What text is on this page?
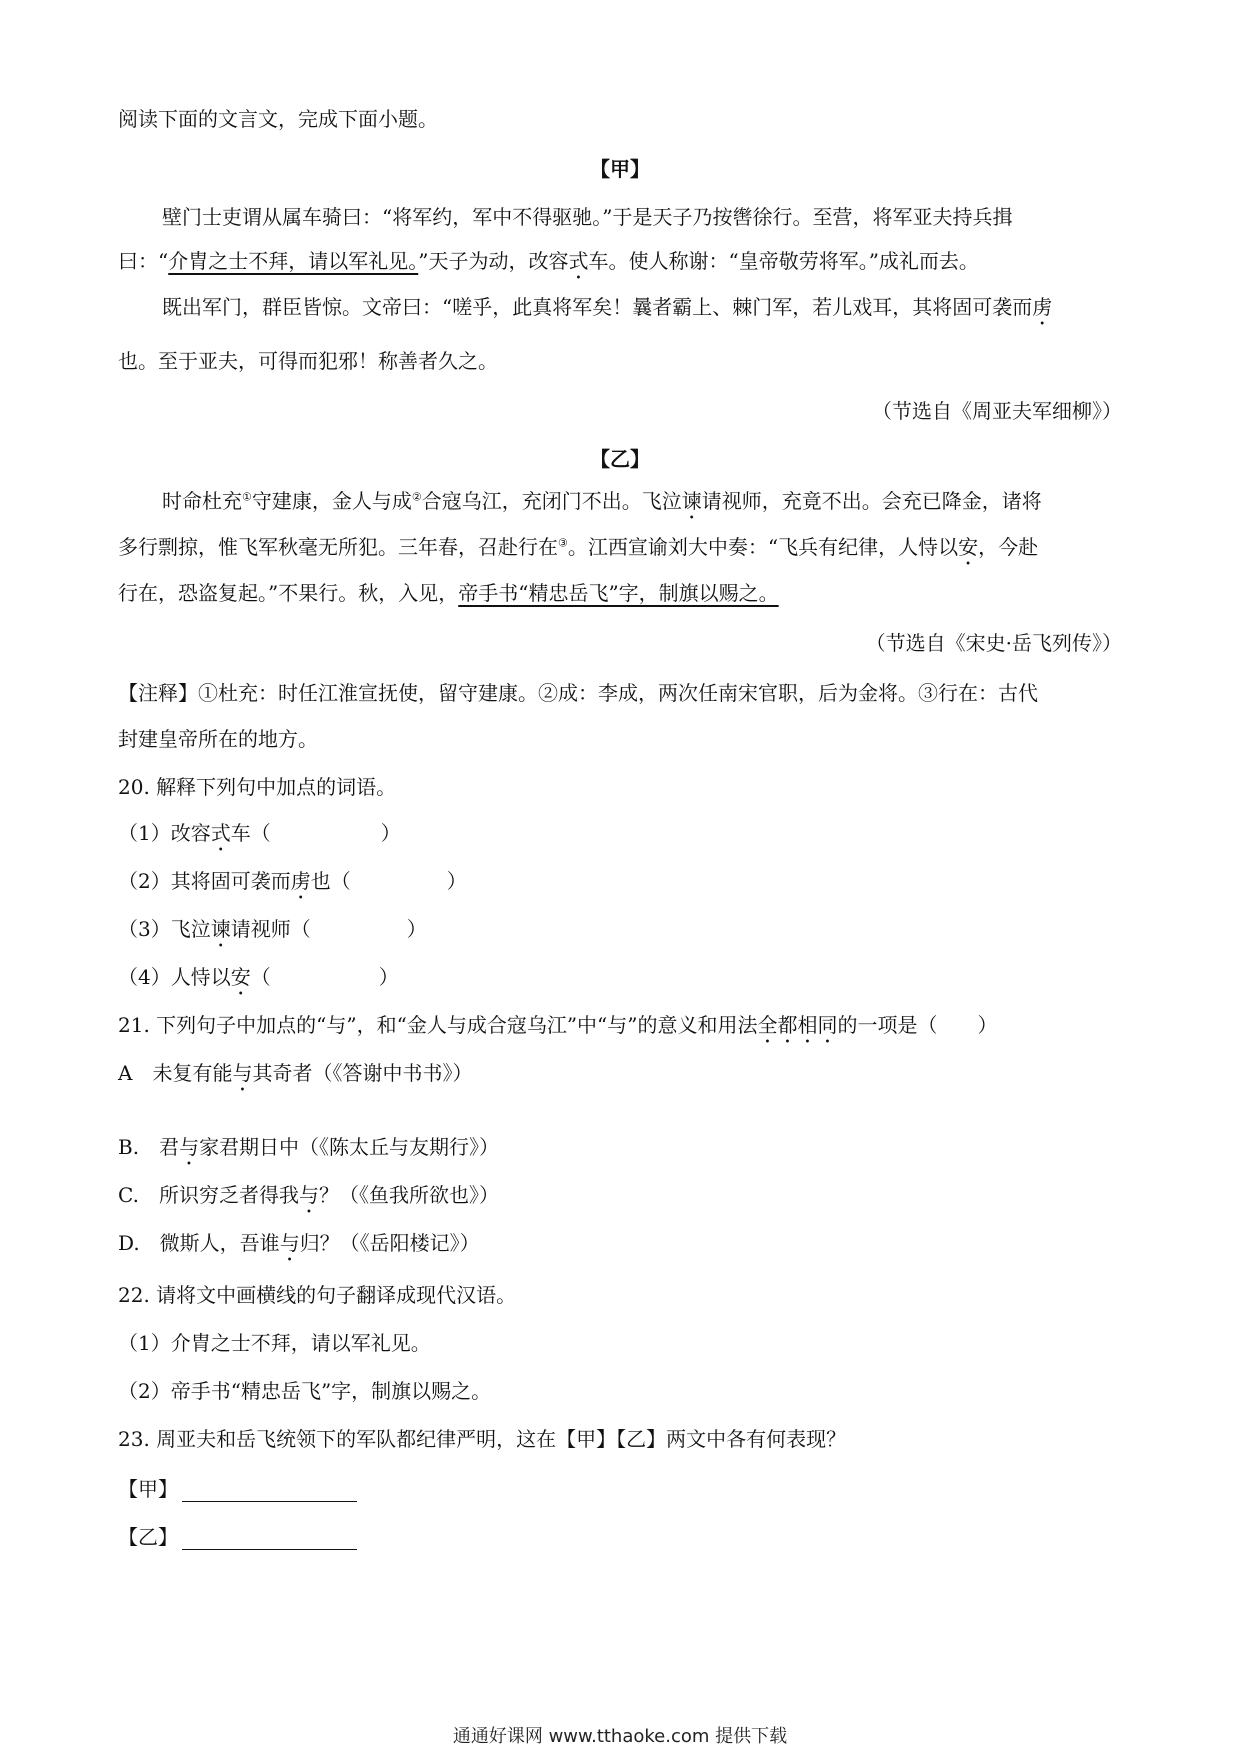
阅读下面的文言文，完成下面小题。
【甲】
壁门士吏谓从属车骑曰：“将军约，军中不得驱驰。”于是天子乃按辔徐行。至营，将军亚夫持兵揖
曰：“介胄之士不拜，请以军礼见。”天子为动，改容式车。使人称谢：“皇帝敬劳将军。”成礼而去。
既出军门，群臣皆惊。文帝曰：“嗟乎，此真将军矣！曩者霸上、棘门军，若儿戏耳，其将固可袭而虏
也。至于亚夫，可得而犯邪！称善者久之。
（节选自《周亚夫军细柳》）
【乙】
时命杜充①守建康，金人与成②合寇乌江，充闭门不出。飞泣谏请视师，充竟不出。会充已降金，诸将
多行剽掠，惟飞军秋毫无所犯。三年春，召赴行在③。江西宣谕刘大中奏：“飞兵有纪律，人恃以安，今赴
行在，恐盗复起。”不果行。秋，入见，帝手书“精忠岳飞”字，制旗以赐之。
（节选自《宋史·岳飞列传》）
【注释】①杜充：时任江淮宣抚使，留守建康。②成：李成，两次任南宋官职，后为金将。③行在：古代
封建皇帝所在的地方。
20. 解释下列句中加点的词语。
（1）改容式车（	）
（2）其将固可袭而虏也（	）
（3）飞泣谏请视师（	）
（4）人恃以安（	）
21. 下列句子中加点的“与”，和“金人与成合寇乌江”中“与”的意义和用法全都相同的一项是（　　）
A　未复有能与其奇者（《答谢中书书》）
B.　君与家君期日中（《陈太丘与友期行》）
C.　所识穷乏者得我与？（《鱼我所欲也》）
D.　微斯人，吾谁与归？（《岳阳楼记》）
22. 请将文中画横线的句子翻译成现代汉语。
（1）介胄之士不拜，请以军礼见。
（2）帝手书“精忠岳飞”字，制旗以赐之。
23. 周亚夫和岳飞统领下的军队都纪律严明，这在【甲】【乙】两文中各有何表现？
【甲】
【乙】
通通好课网 www.tthaoke.com 提供下载
